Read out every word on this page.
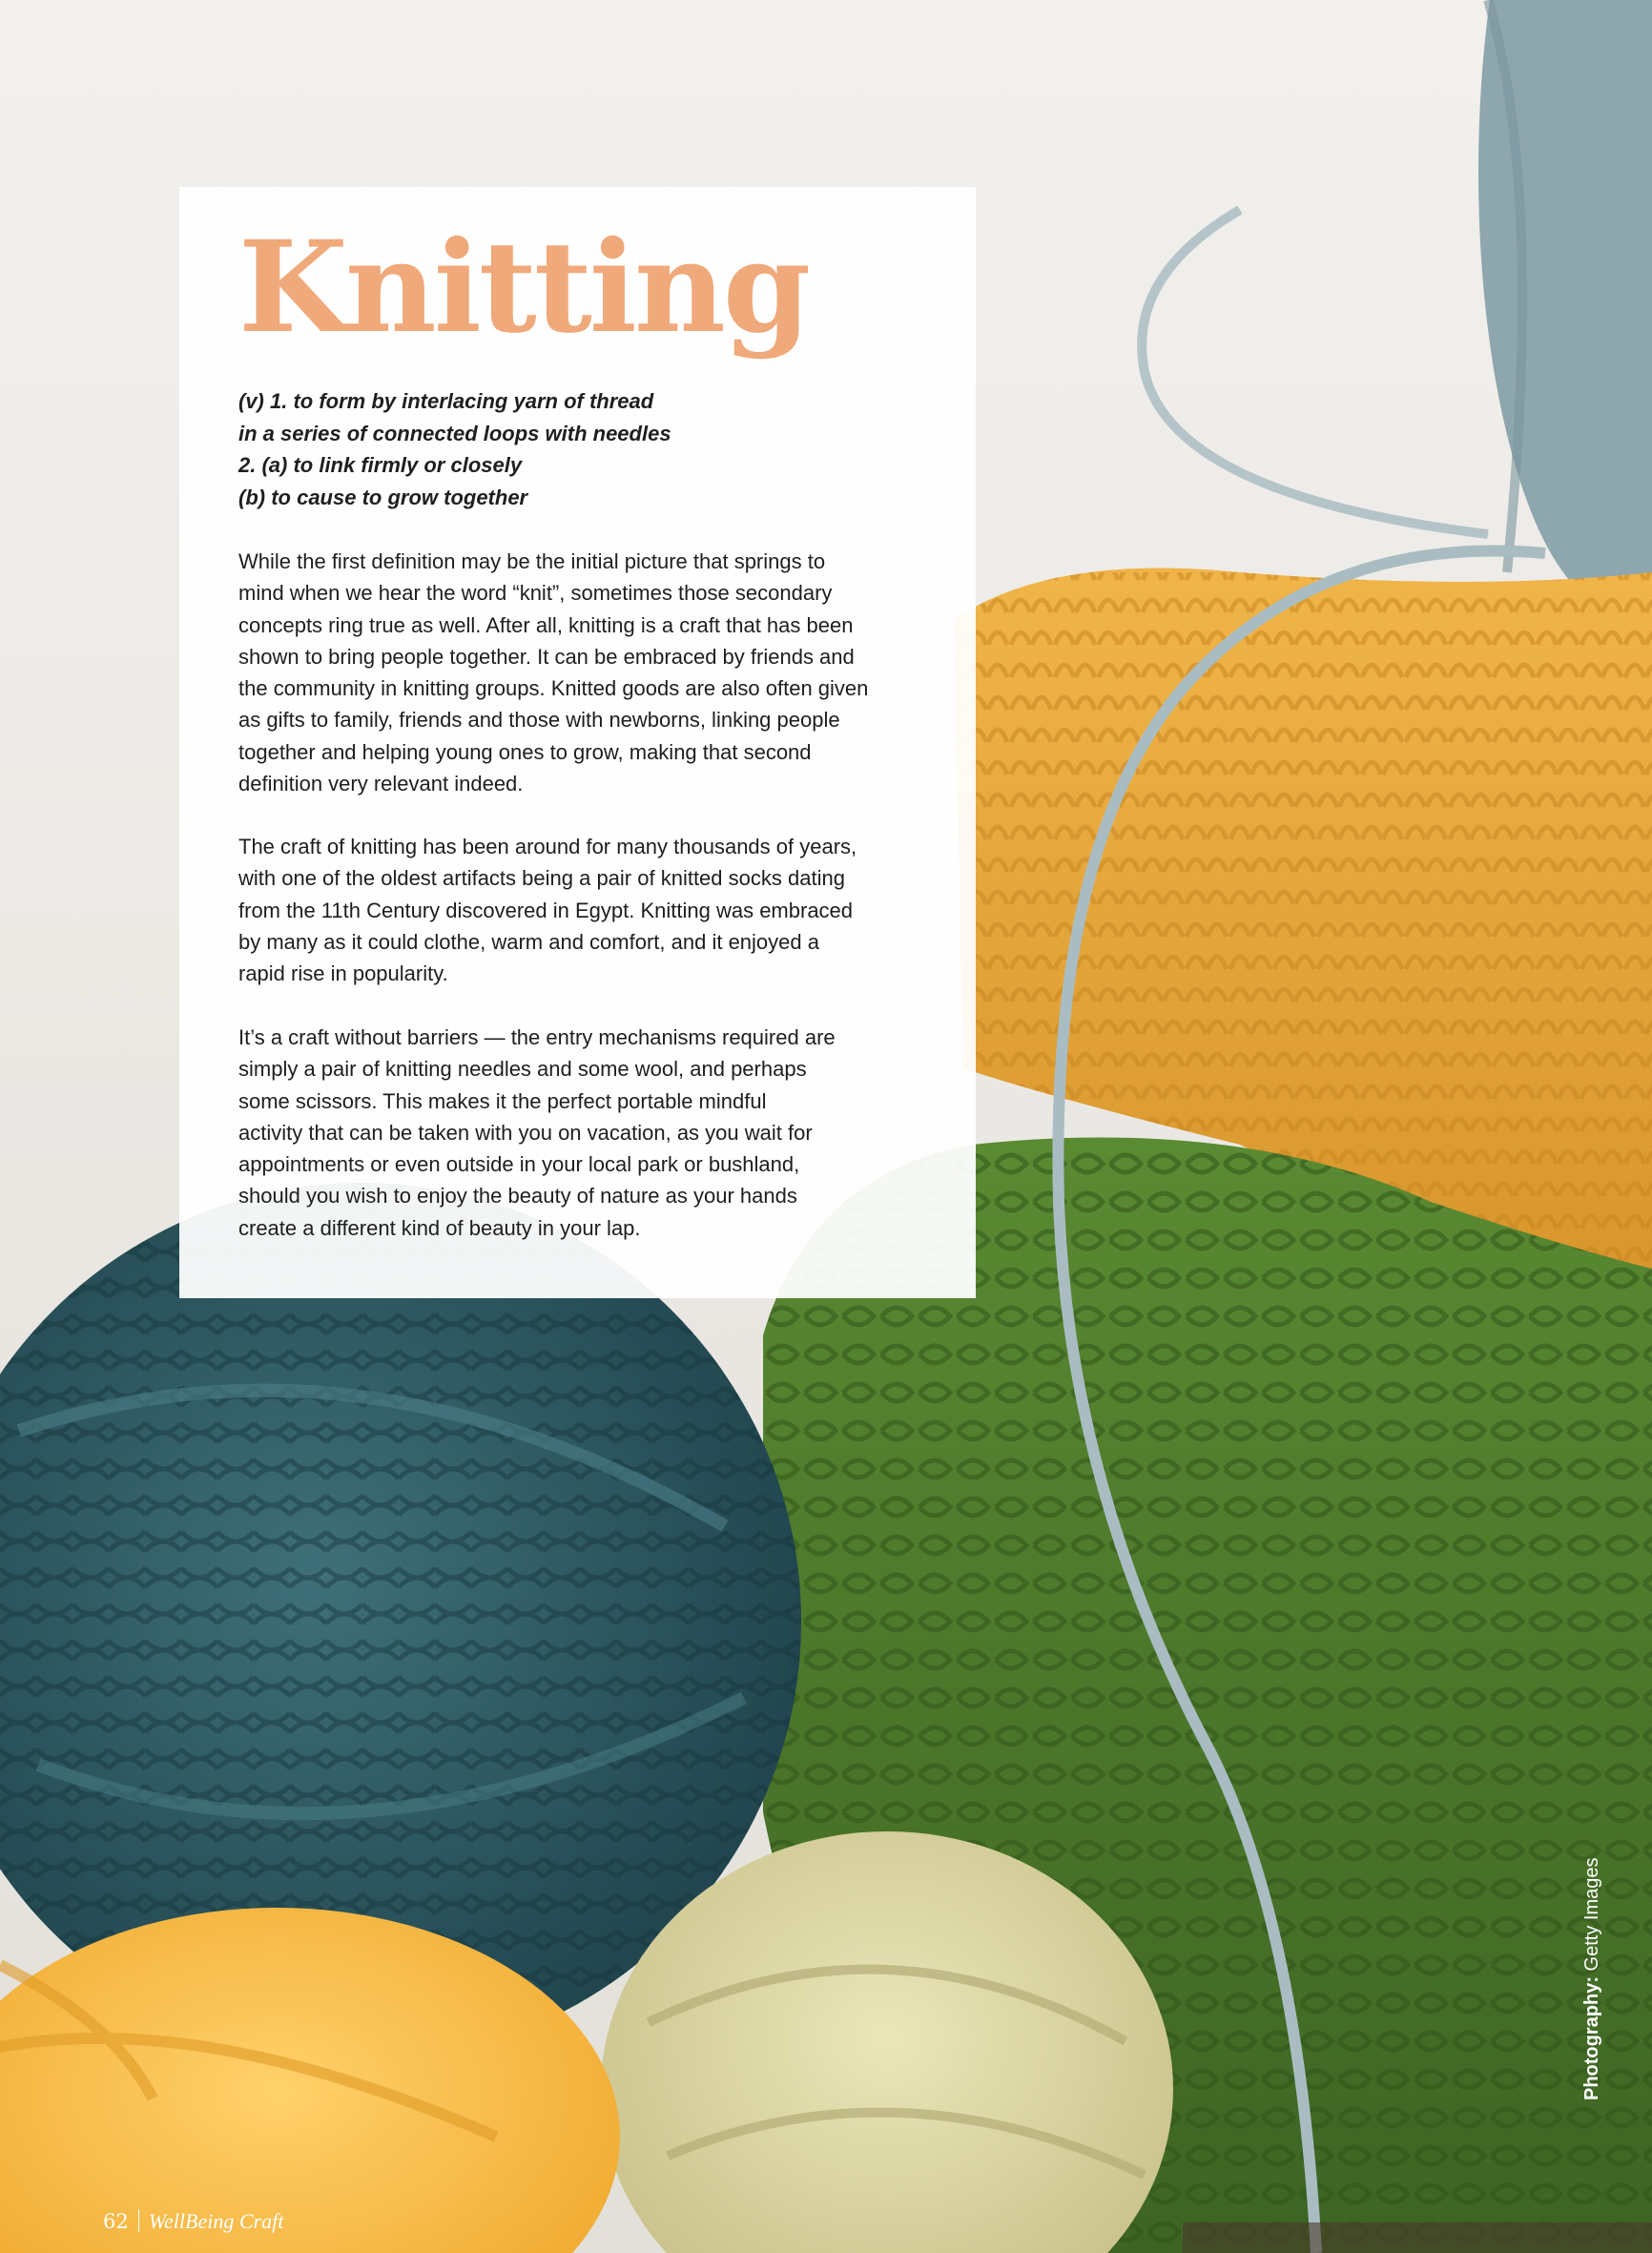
Knitting
(v) 1. to form by interlacing yarn of thread
in a series of connected loops with needles
2. (a) to link firmly or closely
(b) to cause to grow together
While the first definition may be the initial picture that springs to
mind when we hear the word “knit”, sometimes those secondary
concepts ring true as well. After all, knitting is a craft that has been
shown to bring people together. It can be embraced by friends and
the community in knitting groups. Knitted goods are also often given
as gifts to family, friends and those with newborns, linking people
together and helping young ones to grow, making that second
definition very relevant indeed.
The craft of knitting has been around for many thousands of years,
with one of the oldest artifacts being a pair of knitted socks dating
from the 11th Century discovered in Egypt. Knitting was embraced
by many as it could clothe, warm and comfort, and it enjoyed a
rapid rise in popularity.
It’s a craft without barriers — the entry mechanisms required are
simply a pair of knitting needles and some wool, and perhaps
some scissors. This makes it the perfect portable mindful
activity that can be taken with you on vacation, as you wait for
appointments or even outside in your local park or bushland,
should you wish to enjoy the beauty of nature as your hands
create a different kind of beauty in your lap.
Photography: Getty Images
62 WellBeing Craft
